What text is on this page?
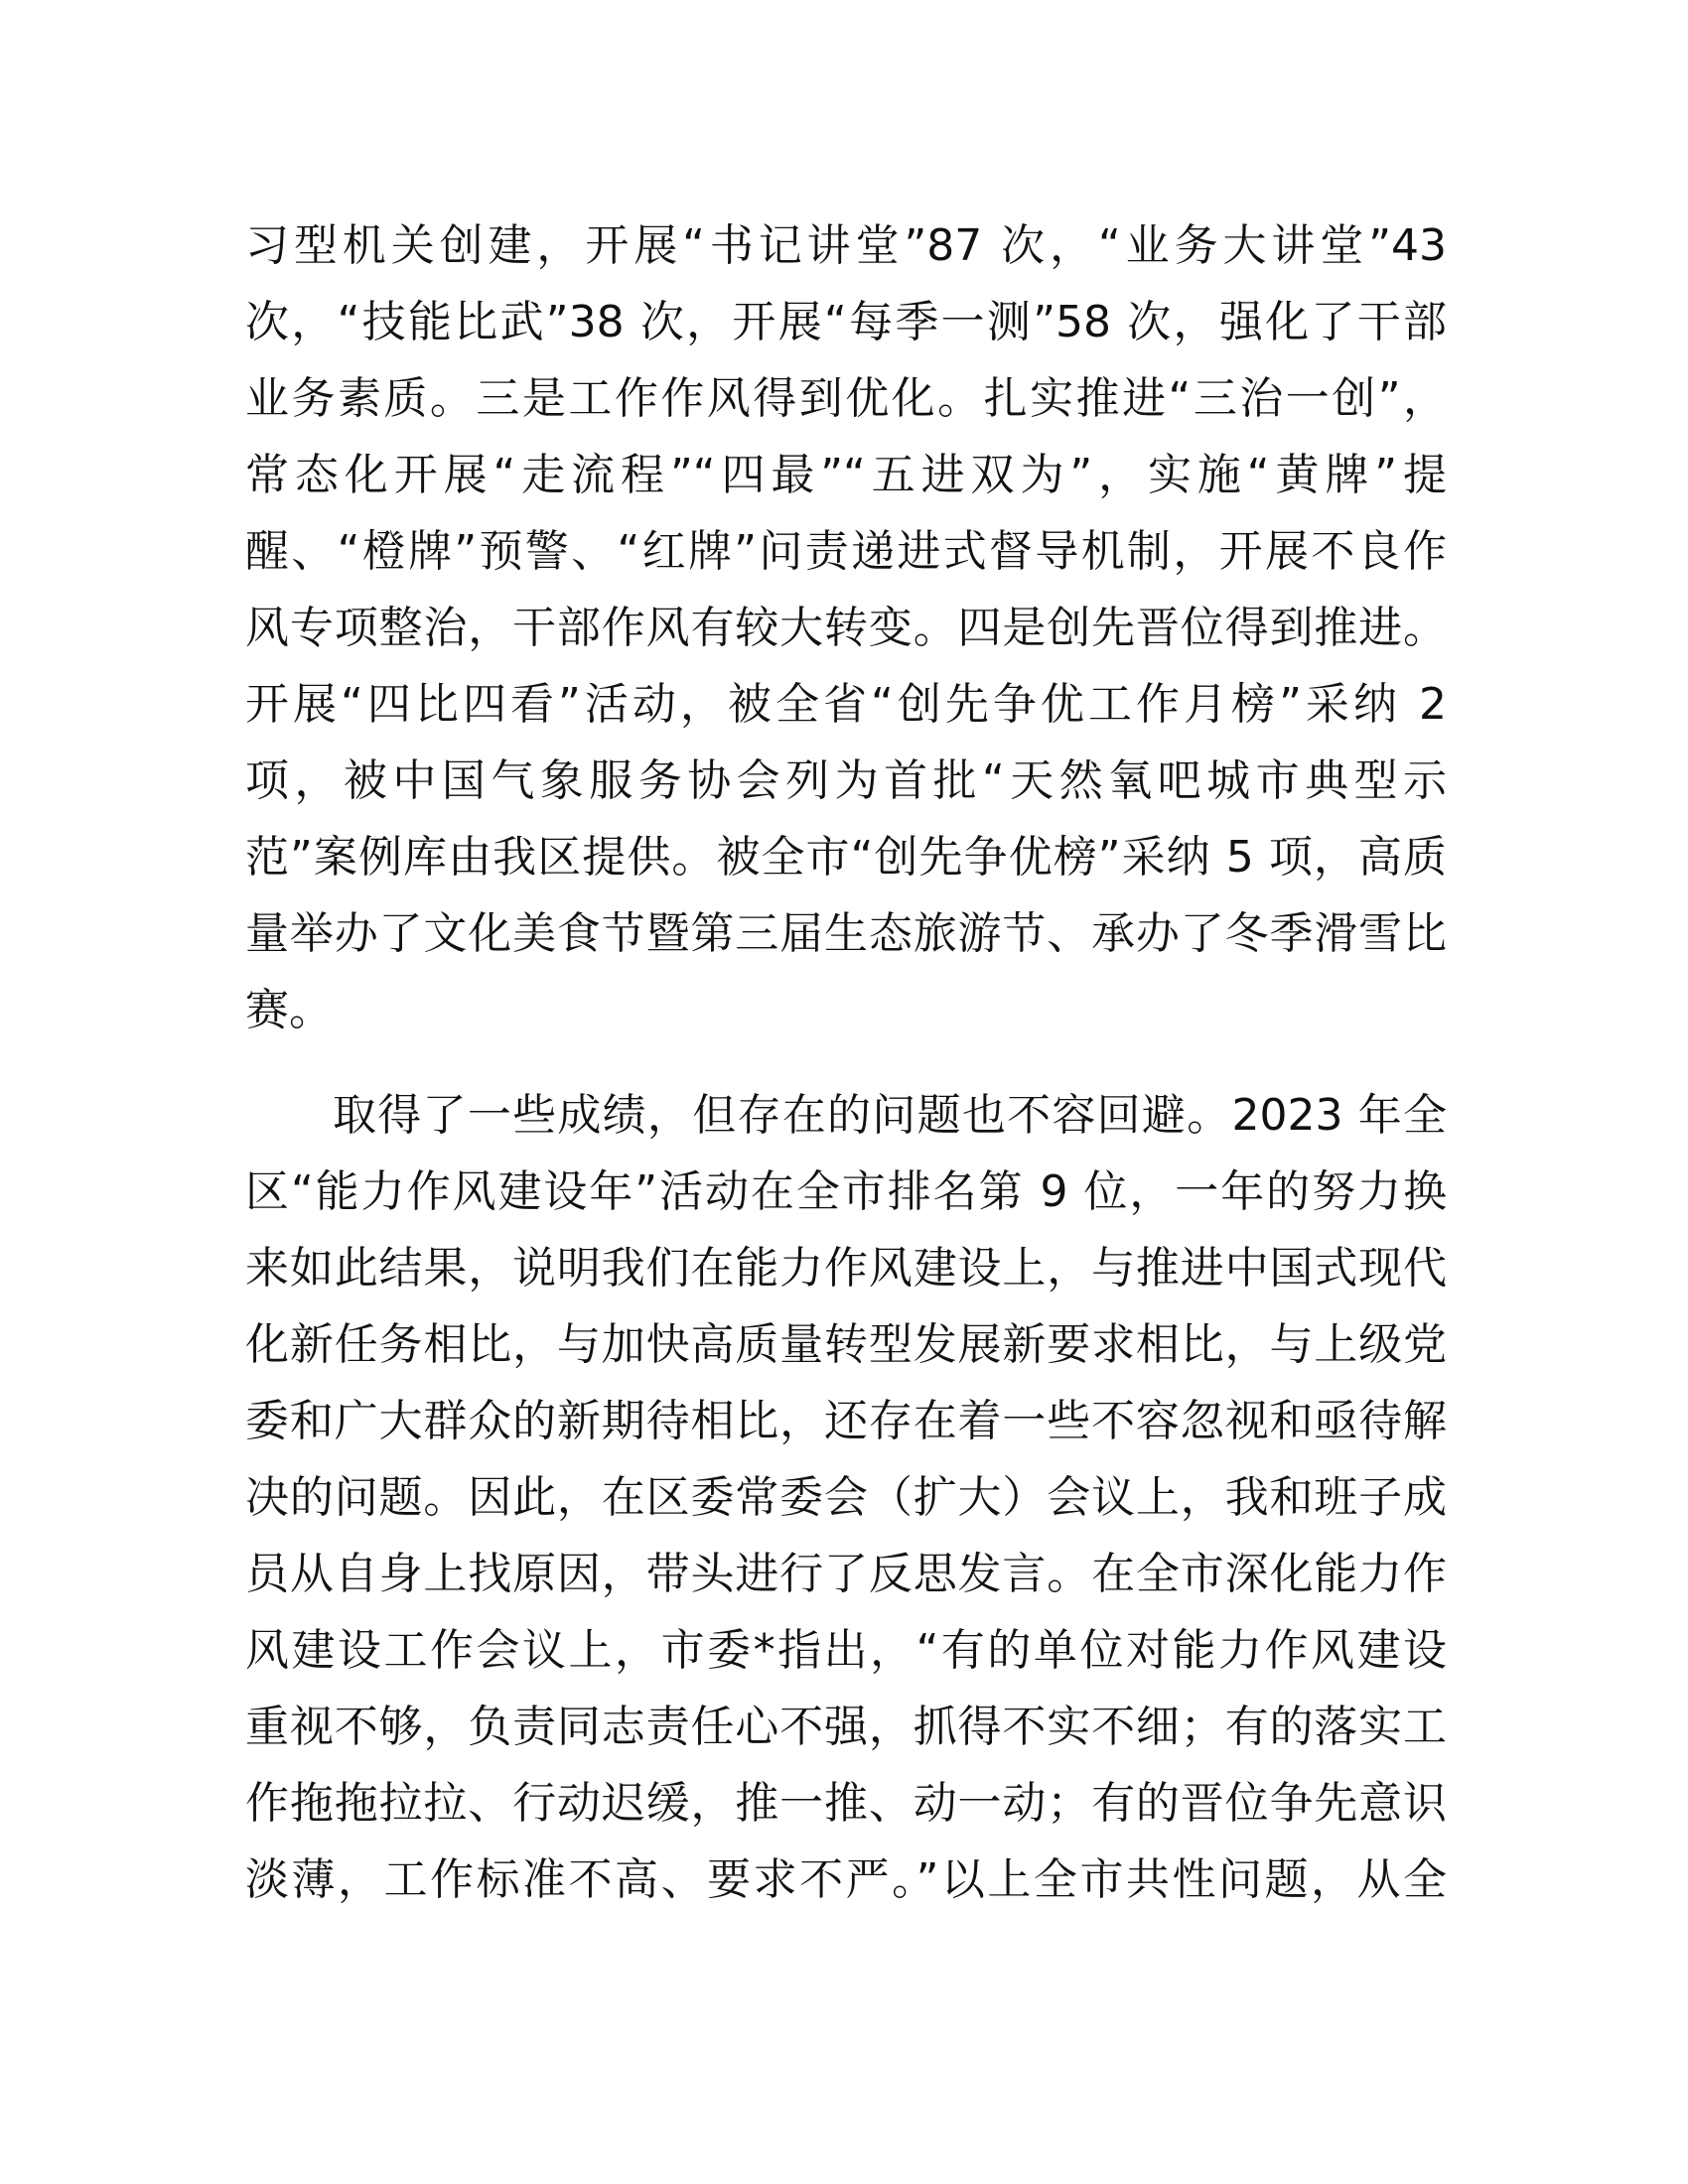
习型机关创建，开展“书记讲堂”87 次，“业务大讲堂”43
次，“技能比武”38 次，开展“每季一测”58 次，强化了干部
业务素质。三是工作作风得到优化。扎实推进“三治一创”，
常态化开展“走流程”“四最”“五进双为”，实施“黄牌”提
醒、“橙牌”预警、“红牌”问责递进式督导机制，开展不良作
风专项整治，干部作风有较大转变。四是创先晋位得到推进。
开展“四比四看”活动，被全省“创先争优工作月榜”采纳 2
项，被中国气象服务协会列为首批“天然氧吧城市典型示
范”案例库由我区提供。被全市“创先争优榜”采纳 5 项，高质
量举办了文化美食节暨第三届生态旅游节、承办了冬季滑雪比
赛。
取得了一些成绩，但存在的问题也不容回避。2023 年全
区“能力作风建设年”活动在全市排名第 9 位，一年的努力换
来如此结果，说明我们在能力作风建设上，与推进中国式现代
化新任务相比，与加快高质量转型发展新要求相比，与上级党
委和广大群众的新期待相比，还存在着一些不容忽视和亟待解
决的问题。因此，在区委常委会（扩大）会议上，我和班子成
员从自身上找原因，带头进行了反思发言。在全市深化能力作
风建设工作会议上，市委*指出，“有的单位对能力作风建设
重视不够，负责同志责任心不强，抓得不实不细；有的落实工
作拖拖拉拉、行动迟缓，推一推、动一动；有的晋位争先意识
淡薄，工作标准不高、要求不严。”以上全市共性问题，从全
